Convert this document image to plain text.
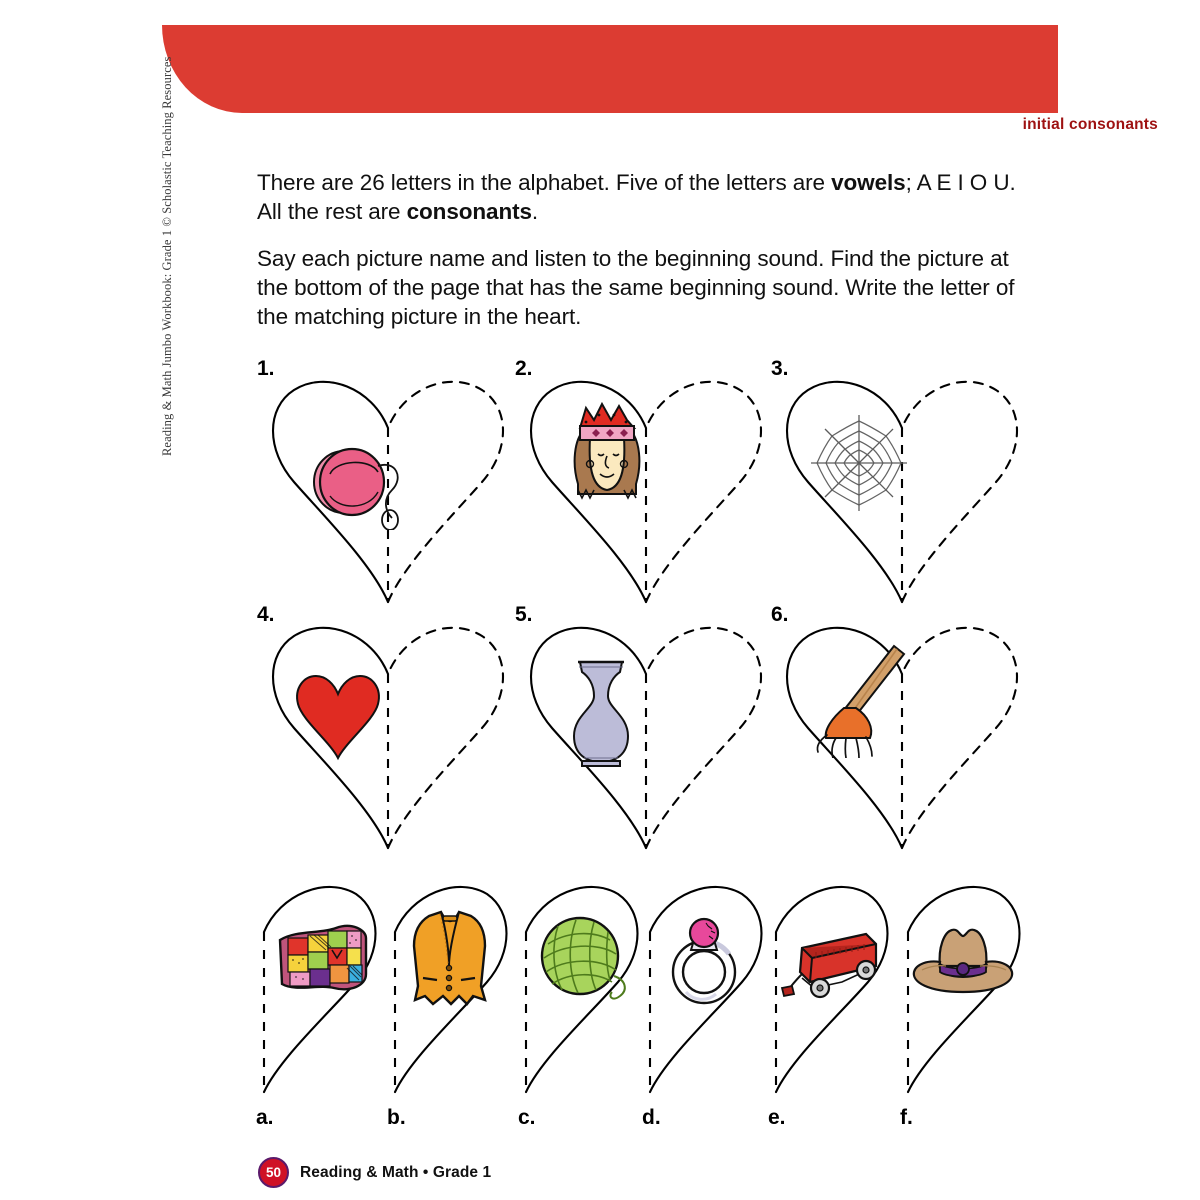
initial consonants
Reading & Math Jumbo Workbook: Grade 1 © Scholastic Teaching Resources	There are 26 letters in the alphabet. Five of the letters are vowels; A E I O U. All the rest are consonants.

Say each picture name and listen to the beginning sound. Find the picture at the bottom of the page that has the same beginning sound. Write the letter of the matching picture in the heart.

1.	2.	3.
4.	5.	6.
a.	b.	c.	d.	e.	f.
50	Reading & Math • Grade 1
